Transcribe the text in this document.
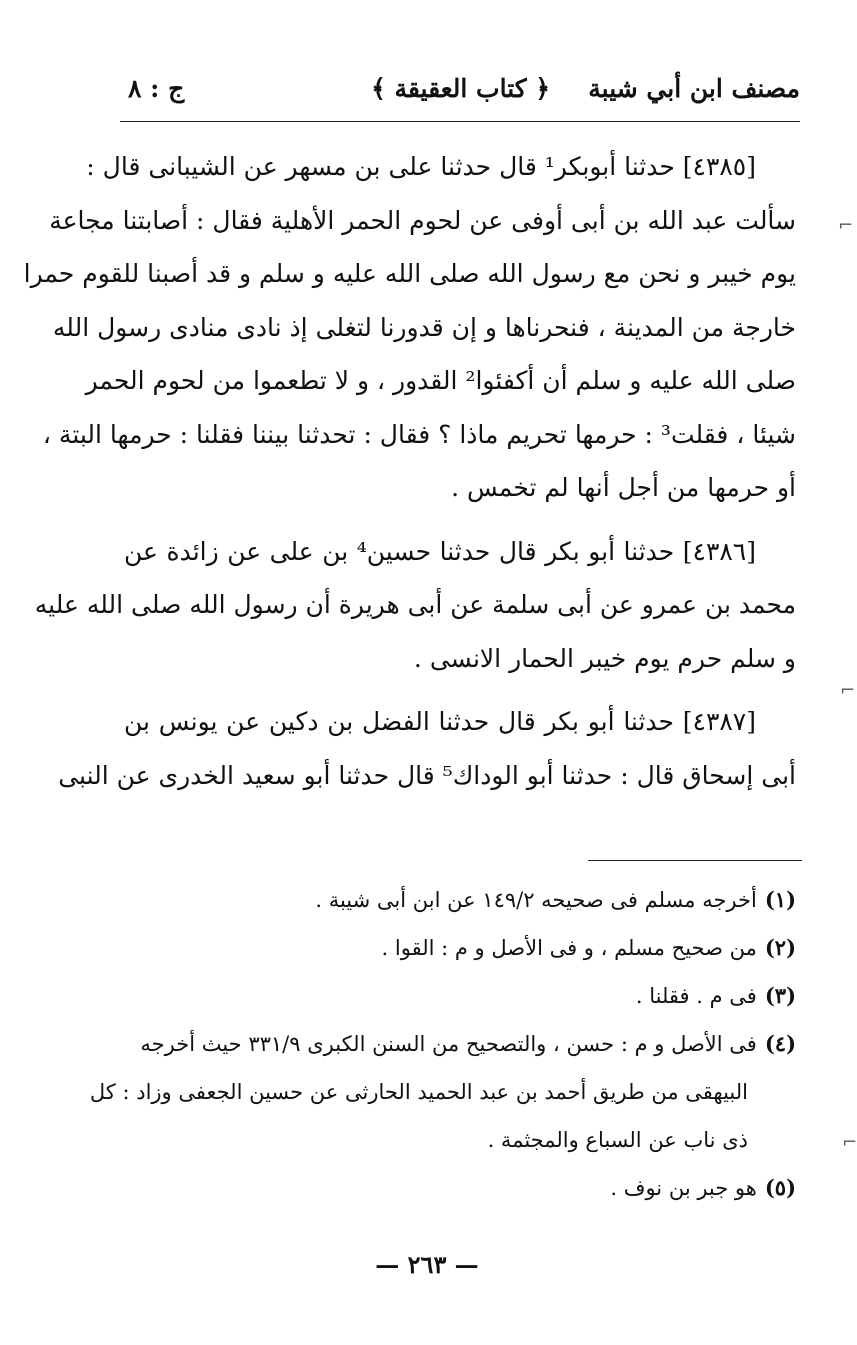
مصنف ابن أبي شيبة
﴿ كتاب العقيقة ﴾
ج : ٨
[٤٣٨٥] حدثنا أبوبكر¹ قال حدثنا على بن مسهر عن الشيبانى قال :
سألت عبد الله بن أبى أوفى عن لحوم الحمر الأهلية فقال : أصابتنا مجاعة
يوم خيبر و نحن مع رسول الله صلى الله عليه و سلم و قد أصبنا للقوم حمرا
خارجة من المدينة ، فنحرناها و إن قدورنا لتغلى إذ نادى منادى رسول الله
صلى الله عليه و سلم أن أكفئوا² القدور ، و لا تطعموا من لحوم الحمر
شيئا ، فقلت³ : حرمها تحريم ماذا ؟ فقال : تحدثنا بيننا فقلنا : حرمها البتة ،
أو حرمها من أجل أنها لم تخمس .
[٤٣٨٦] حدثنا أبو بكر قال حدثنا حسين⁴ بن على عن زائدة عن
محمد بن عمرو عن أبى سلمة عن أبى هريرة أن رسول الله صلى الله عليه
و سلم حرم يوم خيبر الحمار الانسى .
[٤٣٨٧] حدثنا أبو بكر قال حدثنا الفضل بن دكين عن يونس بن
أبى إسحاق قال : حدثنا أبو الوداك⁵ قال حدثنا أبو سعيد الخدرى عن النبى
(١)أخرجه مسلم فى صحيحه ١٤٩/٢ عن ابن أبى شيبة .
(٢)من صحيح مسلم ، و فى الأصل و م : القوا .
(٣)فى م . فقلنا .
(٤)فى الأصل و م : حسن ، والتصحيح من السنن الكبرى ٣٣١/٩ حيث أخرجه
البيهقى من طريق أحمد بن عبد الحميد الحارثى عن حسين الجعفى وزاد : كل
ذى ناب عن السباع والمجثمة .
(٥)هو جبر بن نوف .
— ٢٦٣ —
⌐
⌐
⌐
